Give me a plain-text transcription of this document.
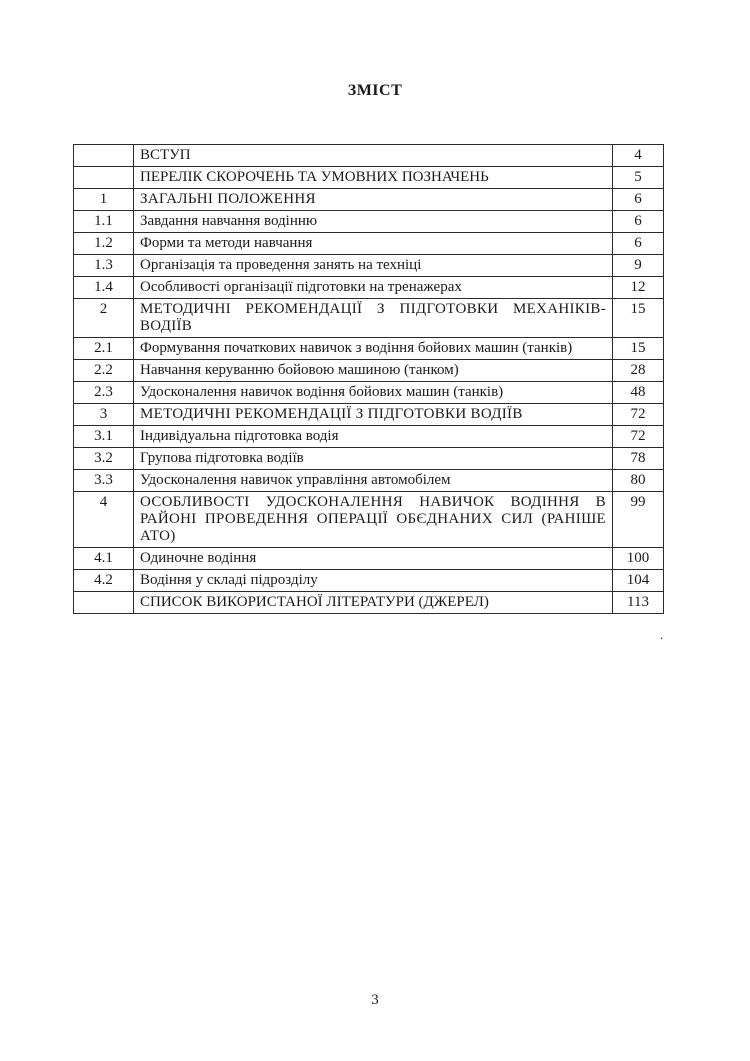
ЗМІСТ
	ВСТУП	4
	ПЕРЕЛІК СКОРОЧЕНЬ ТА УМОВНИХ ПОЗНАЧЕНЬ	5
1	ЗАГАЛЬНІ ПОЛОЖЕННЯ	6
1.1	Завдання навчання водінню	6
1.2	Форми та методи навчання	6
1.3	Організація та проведення занять на техніці	9
1.4	Особливості організації підготовки на тренажерах	12
2	МЕТОДИЧНІ РЕКОМЕНДАЦІЇ З ПІДГОТОВКИ МЕХАНІКІВ-ВОДІЇВ	15
2.1	Формування початкових навичок з водіння бойових машин (танків)	15
2.2	Навчання керуванню бойовою машиною (танком)	28
2.3	Удосконалення навичок водіння бойових машин (танків)	48
3	МЕТОДИЧНІ РЕКОМЕНДАЦІЇ З ПІДГОТОВКИ ВОДІЇВ	72
3.1	Індивідуальна підготовка водія	72
3.2	Групова підготовка водіїв	78
3.3	Удосконалення навичок управління автомобілем	80
4	ОСОБЛИВОСТІ УДОСКОНАЛЕННЯ НАВИЧОК ВОДІННЯ В РАЙОНІ ПРОВЕДЕННЯ ОПЕРАЦІЇ ОБЄДНАНИХ СИЛ (РАНІШЕ АТО)	99
4.1	Одиночне водіння	100
4.2	Водіння у складі підрозділу	104
	СПИСОК ВИКОРИСТАНОЇ ЛІТЕРАТУРИ (ДЖЕРЕЛ)	113
.
3
